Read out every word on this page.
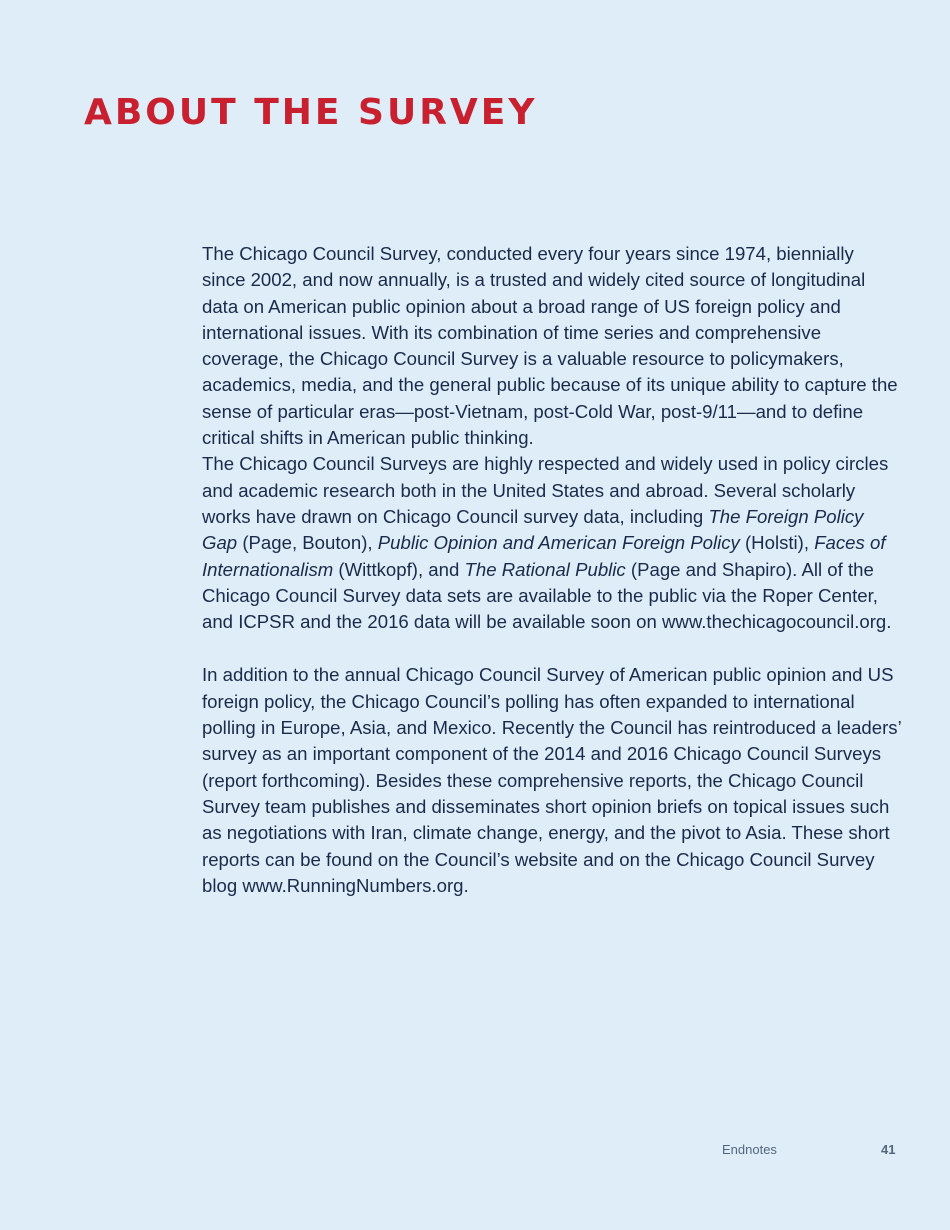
ABOUT THE SURVEY

The Chicago Council Survey, conducted every four years since 1974, biennially since 2002, and now annually, is a trusted and widely cited source of longitudinal data on American public opinion about a broad range of US foreign policy and international issues. With its combination of time series and comprehensive coverage, the Chicago Council Survey is a valuable resource to policymakers, academics, media, and the general public because of its unique ability to capture the sense of particular eras—post-Vietnam, post-Cold War, post-9/11—and to define critical shifts in American public thinking.

The Chicago Council Surveys are highly respected and widely used in policy circles and academic research both in the United States and abroad. Several scholarly works have drawn on Chicago Council survey data, including The Foreign Policy Gap (Page, Bouton), Public Opinion and American Foreign Policy (Holsti), Faces of Internationalism (Wittkopf), and The Rational Public (Page and Shapiro). All of the Chicago Council Survey data sets are available to the public via the Roper Center, and ICPSR and the 2016 data will be available soon on www.thechicagocouncil.org.

In addition to the annual Chicago Council Survey of American public opinion and US foreign policy, the Chicago Council’s polling has often expanded to international polling in Europe, Asia, and Mexico. Recently the Council has reintroduced a leaders’ survey as an important component of the 2014 and 2016 Chicago Council Surveys (report forthcoming). Besides these comprehensive reports, the Chicago Council Survey team publishes and disseminates short opinion briefs on topical issues such as negotiations with Iran, climate change, energy, and the pivot to Asia. These short reports can be found on the Council’s website and on the Chicago Council Survey blog www.RunningNumbers.org.

Endnotes	41
